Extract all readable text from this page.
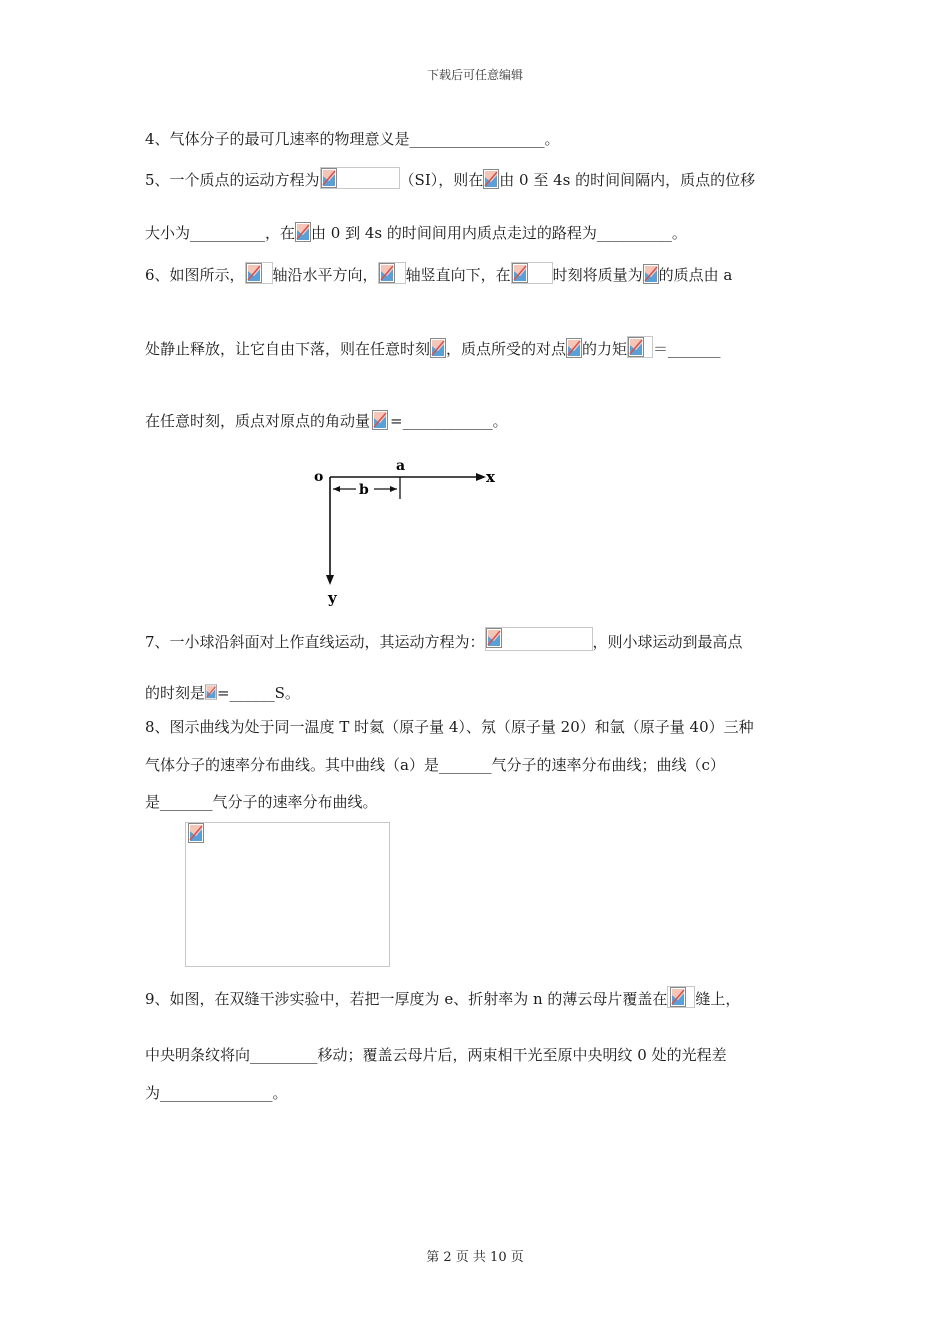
下载后可任意编辑
4、气体分子的最可几速率的物理意义是__________________。
5、一个质点的运动方程为	（SI），则在 由 0 至 4s 的时间间隔内，质点的位移
大小为__________，在 由 0 到 4s 的时间间用内质点走过的路程为__________。
6、如图所示， 轴沿水平方向， 轴竖直向下，在	时刻将质量为 的质点由 a
处静止释放，让它自由下落，则在任意时刻 ，质点所受的对点 的力矩 ＝_______
在任意时刻，质点对原点的角动量 =____________。
o
a
b
x
y
7、一小球沿斜面对上作直线运动，其运动方程为：	，则小球运动到最高点
的时刻是 =______S。
8、图示曲线为处于同一温度 T 时氦（原子量 4）、氖（原子量 20）和氩（原子量 40）三种
气体分子的速率分布曲线。其中曲线（a）是_______气分子的速率分布曲线；曲线（c）
是_______气分子的速率分布曲线。
9、如图，在双缝干涉实验中，若把一厚度为 e、折射率为 n 的薄云母片覆盖在 缝上，
中央明条纹将向_________移动；覆盖云母片后，两束相干光至原中央明纹 0 处的光程差
为_______________。
第 2 页 共 10 页
